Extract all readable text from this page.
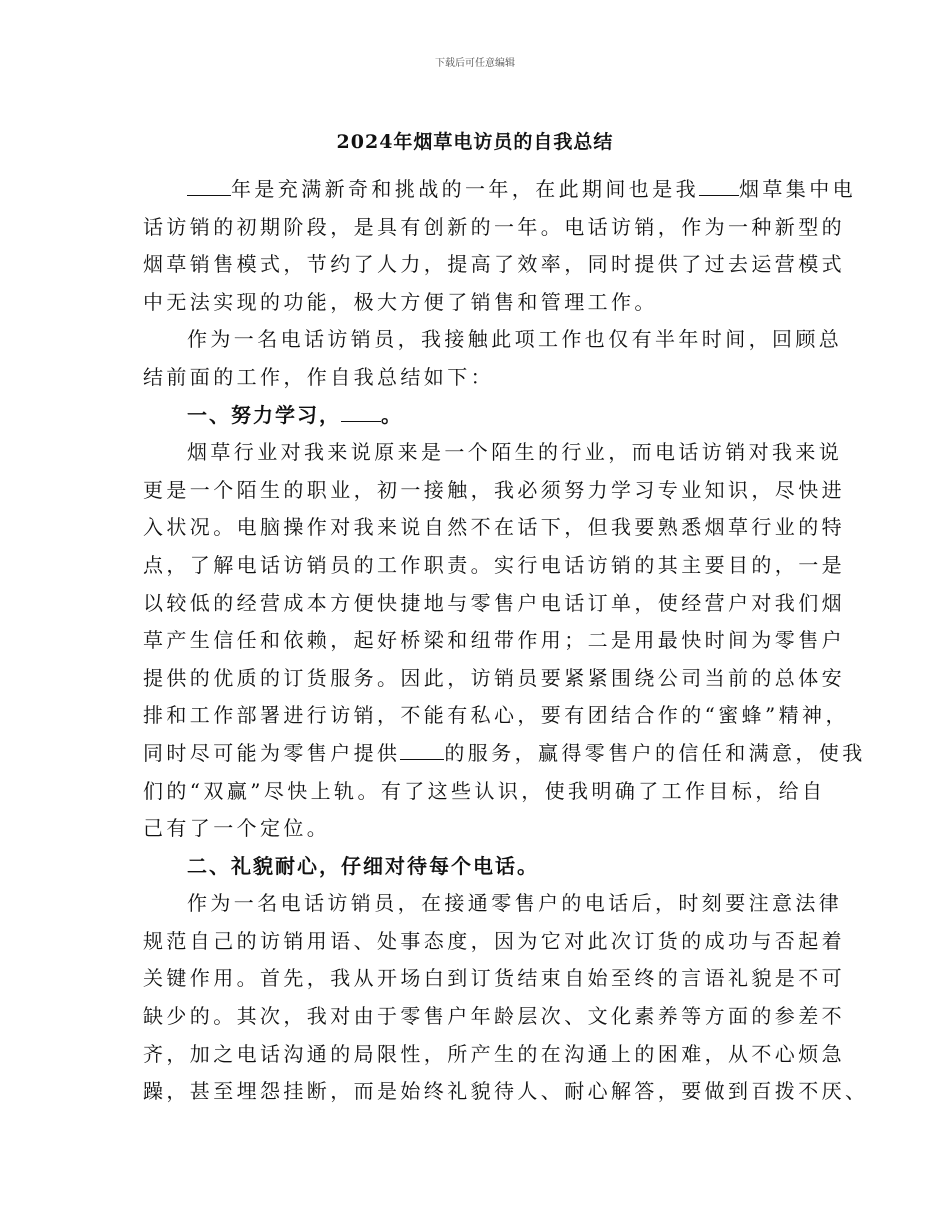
下载后可任意编辑
2024年烟草电访员的自我总结
年是充满新奇和挑战的一年，在此期间也是我 烟草集中电
话访销的初期阶段，是具有创新的一年。电话访销，作为一种新型的
烟草销售模式，节约了人力，提高了效率，同时提供了过去运营模式
中无法实现的功能，极大方便了销售和管理工作。
作为一名电话访销员，我接触此项工作也仅有半年时间，回顾总
结前面的工作，作自我总结如下：
一、努力学习， 。
烟草行业对我来说原来是一个陌生的行业，而电话访销对我来说
更是一个陌生的职业，初一接触，我必须努力学习专业知识，尽快进
入状况。电脑操作对我来说自然不在话下，但我要熟悉烟草行业的特
点，了解电话访销员的工作职责。实行电话访销的其主要目的，一是
以较低的经营成本方便快捷地与零售户电话订单，使经营户对我们烟
草产生信任和依赖，起好桥梁和纽带作用；二是用最快时间为零售户
提供的优质的订货服务。因此，访销员要紧紧围绕公司当前的总体安
排和工作部署进行访销，不能有私心，要有团结合作的“蜜蜂”精神，
同时尽可能为零售户提供 的服务，赢得零售户的信任和满意，使我
们的“双赢”尽快上轨。有了这些认识，使我明确了工作目标，给自
己有了一个定位。
二、礼貌耐心，仔细对待每个电话。
作为一名电话访销员，在接通零售户的电话后，时刻要注意法律
规范自己的访销用语、处事态度，因为它对此次订货的成功与否起着
关键作用。首先，我从开场白到订货结束自始至终的言语礼貌是不可
缺少的。其次，我对由于零售户年龄层次、文化素养等方面的参差不
齐，加之电话沟通的局限性，所产生的在沟通上的困难，从不心烦急
躁，甚至埋怨挂断，而是始终礼貌待人、耐心解答，要做到百拨不厌、
